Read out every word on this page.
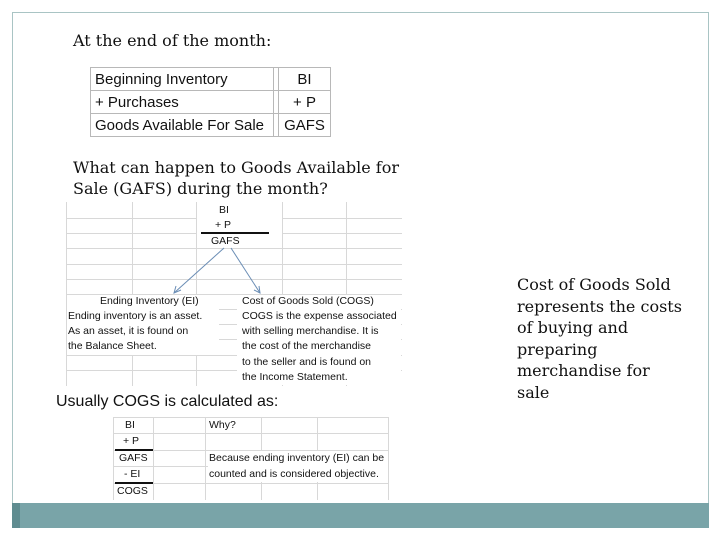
At the end of the month:
Beginning Inventory		BI
+ Purchases		+ P
Goods Available For Sale		GAFS
What can happen to Goods Available for
Sale (GAFS) during the month?
BI
+ P
GAFS
Ending Inventory (EI)
Ending inventory is an asset.
As an asset, it is found on
the Balance Sheet.
Cost of Goods Sold (COGS)
COGS is the expense associated
with selling merchandise. It is
the cost of the merchandise
to the seller and is found on
the Income Statement.
Cost of Goods Sold
represents the costs
of buying and
preparing
merchandise for
sale
Usually COGS is calculated as:
BI
+ P
GAFS
- EI
COGS
Why?
Because ending inventory (EI) can be
counted and is considered objective.
